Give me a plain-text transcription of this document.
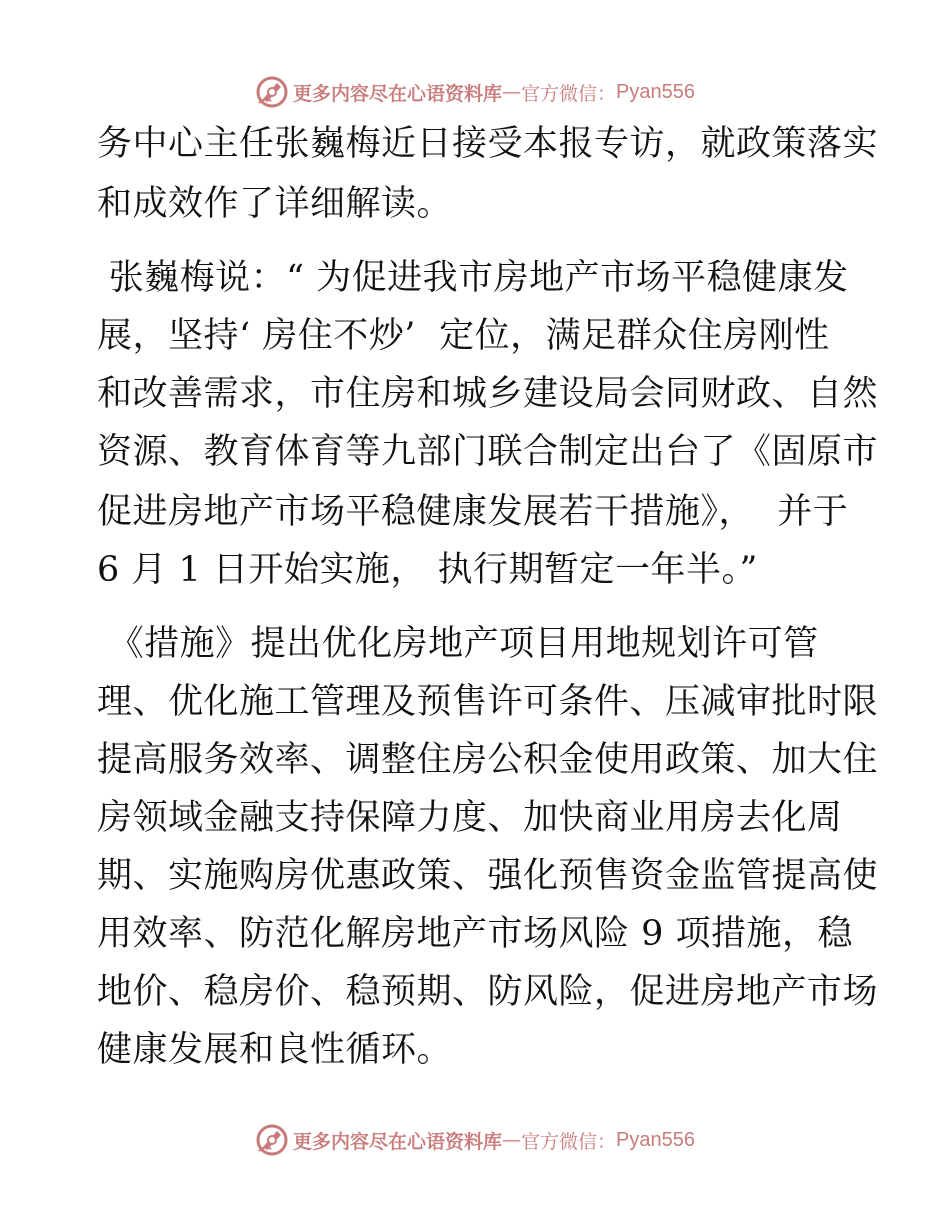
更多内容尽在心语资料库 — 官方微信： Pyan556
务中心主任张巍梅近日接受本报专访，就政策落实
和成效作了详细解读。
张巍梅说：“ 为促进我市房地产市场平稳健康发
展，坚持‘ 房住不炒’  定位，满足群众住房刚性
和改善需求，市住房和城乡建设局会同财政、自然
资源、教育体育等九部门联合制定出台了《固原市
促进房地产市场平稳健康发展若干措施》，  并于
6 月 1 日开始实施， 执行期暂定一年半。”
《措施》提出优化房地产项目用地规划许可管
理、优化施工管理及预售许可条件、压减审批时限
提高服务效率、调整住房公积金使用政策、加大住
房领域金融支持保障力度、加快商业用房去化周
期、实施购房优惠政策、强化预售资金监管提高使
用效率、防范化解房地产市场风险 9 项措施，稳
地价、稳房价、稳预期、防风险，促进房地产市场
健康发展和良性循环。
更多内容尽在心语资料库 — 官方微信： Pyan556
